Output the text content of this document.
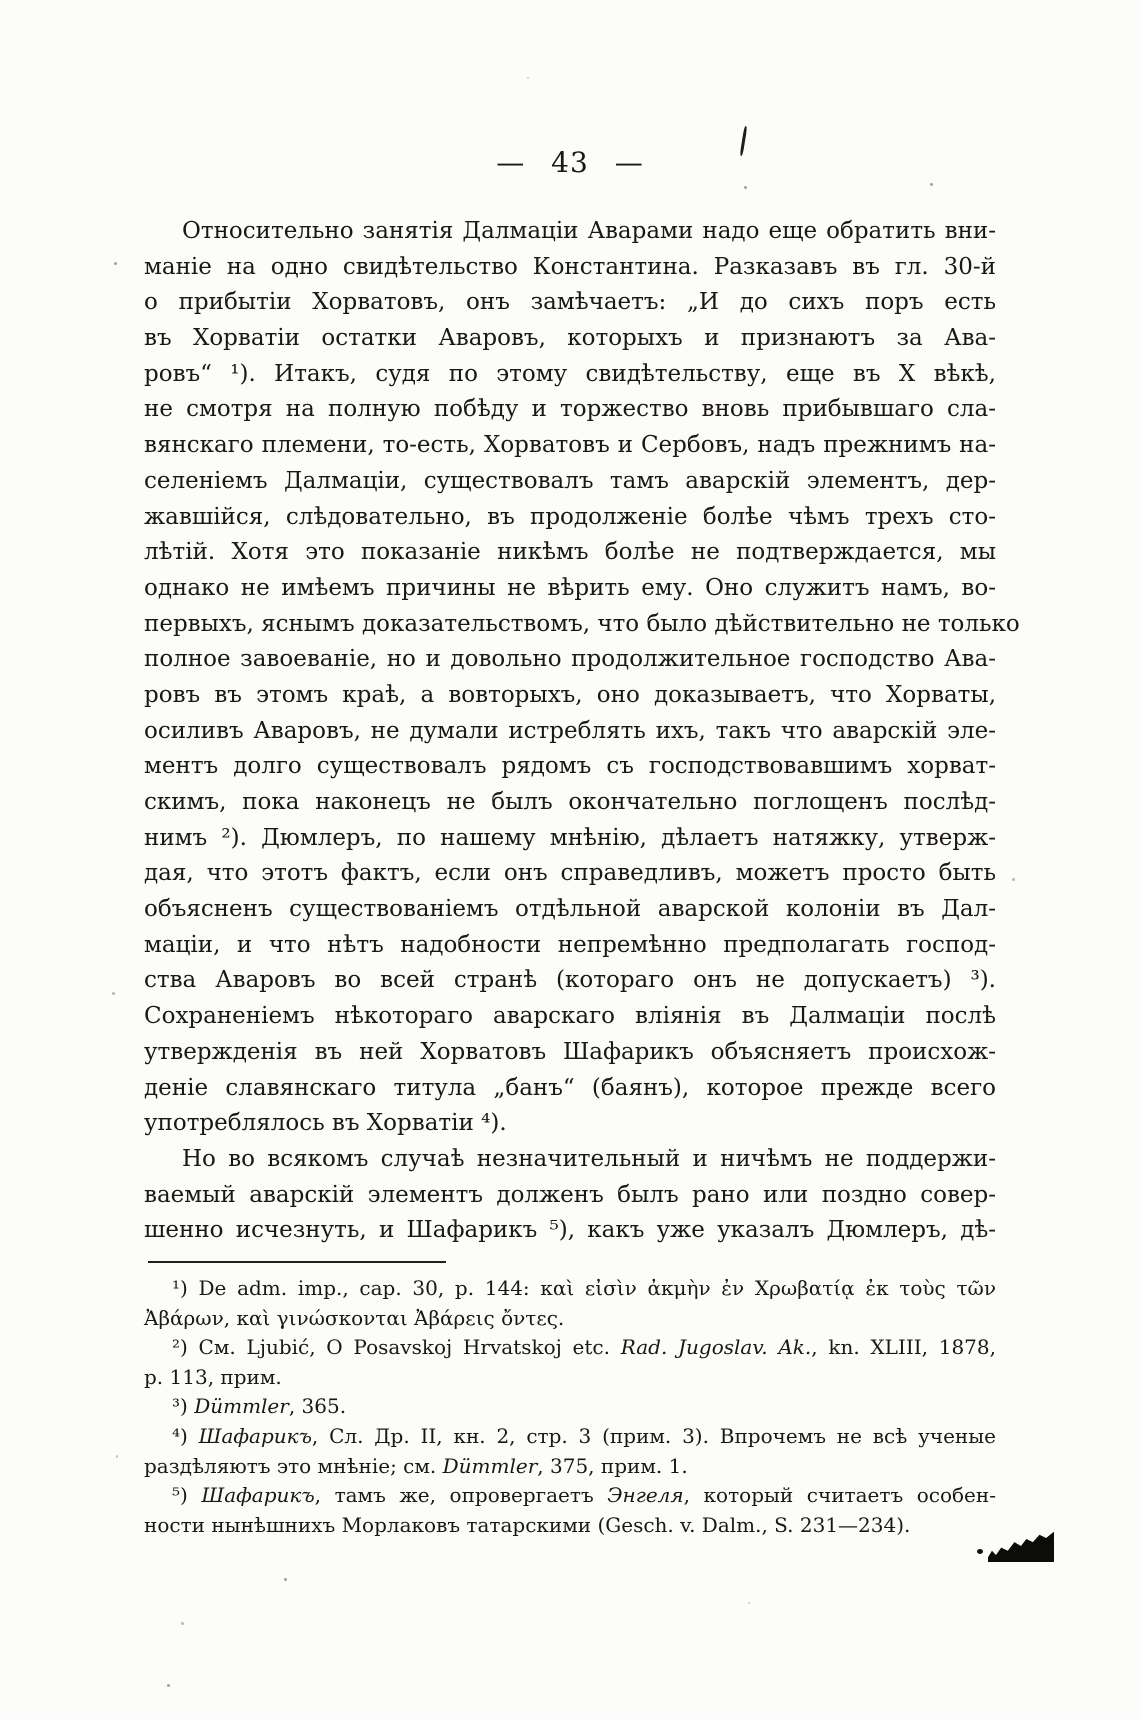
— 43 —
Относительно занятія Далмаціи Аварами надо еще обратить вни-
маніе на одно свидѣтельство Константина. Разказавъ въ гл. 30-й
о прибытіи Хорватовъ, онъ замѣчаетъ: „И до сихъ поръ есть
въ Хорватіи остатки Аваровъ, которыхъ и признаютъ за Ава-
ровъ“ ¹). Итакъ, судя по этому свидѣтельству, еще въ X вѣкѣ,
не смотря на полную побѣду и торжество вновь прибывшаго сла-
вянскаго племени, то-есть, Хорватовъ и Сербовъ, надъ прежнимъ на-
селеніемъ Далмаціи, существовалъ тамъ аварскій элементъ, дер-
жавшійся, слѣдовательно, въ продолженіе болѣе чѣмъ трехъ сто-
лѣтій. Хотя это показаніе никѣмъ болѣе не подтверждается, мы
однако не имѣемъ причины не вѣрить ему. Оно служитъ намъ, во-
первыхъ, яснымъ доказательствомъ, что было дѣйствительно не только
полное завоеваніе, но и довольно продолжительное господство Ава-
ровъ въ этомъ краѣ, а вовторыхъ, оно доказываетъ, что Хорваты,
осиливъ Аваровъ, не думали истреблять ихъ, такъ что аварскій эле-
ментъ долго существовалъ рядомъ съ господствовавшимъ хорват-
скимъ, пока наконецъ не былъ окончательно поглощенъ послѣд-
нимъ ²). Дюмлеръ, по нашему мнѣнію, дѣлаетъ натяжку, утверж-
дая, что этотъ фактъ, если онъ справедливъ, можетъ просто быть
объясненъ существованіемъ отдѣльной аварской колоніи въ Дал-
маціи, и что нѣтъ надобности непремѣнно предполагать господ-
ства Аваровъ во всей странѣ (котораго онъ не допускаетъ) ³).
Сохраненіемъ нѣкотораго аварскаго вліянія въ Далмаціи послѣ
утвержденія въ ней Хорватовъ Шафарикъ объясняетъ происхож-
деніе славянскаго титула „банъ“ (баянъ), которое прежде всего
употреблялось въ Хорватіи ⁴).
Но во всякомъ случаѣ незначительный и ничѣмъ не поддержи-
ваемый аварскій элементъ долженъ былъ рано или поздно совер-
шенно исчезнуть, и Шафарикъ ⁵), какъ уже указалъ Дюмлеръ, дѣ-
¹) De adm. imp., cap. 30, p. 144: καὶ εἰσὶν ἀκμὴν ἐν Χρωβατίᾳ ἐκ τοὺς τῶν
Ἀβάρων, καὶ γινώσκονται Ἀβάρεις ὄντες.
²) См. Ljubić, O Posavskoj Hrvatskoj etc. Rad. Jugoslav. Ak., kn. XLIII, 1878,
p. 113, прим.
³) Dümmler, 365.
⁴) Шафарикъ, Сл. Др. II, кн. 2, стр. 3 (прим. 3). Впрочемъ не всѣ ученые
раздѣляютъ это мнѣніе; см. Dümmler, 375, прим. 1.
⁵) Шафарикъ, тамъ же, опровергаетъ Энгеля, который считаетъ особен-
ности нынѣшнихъ Морлаковъ татарскими (Gesch. v. Dalm., S. 231—234).
